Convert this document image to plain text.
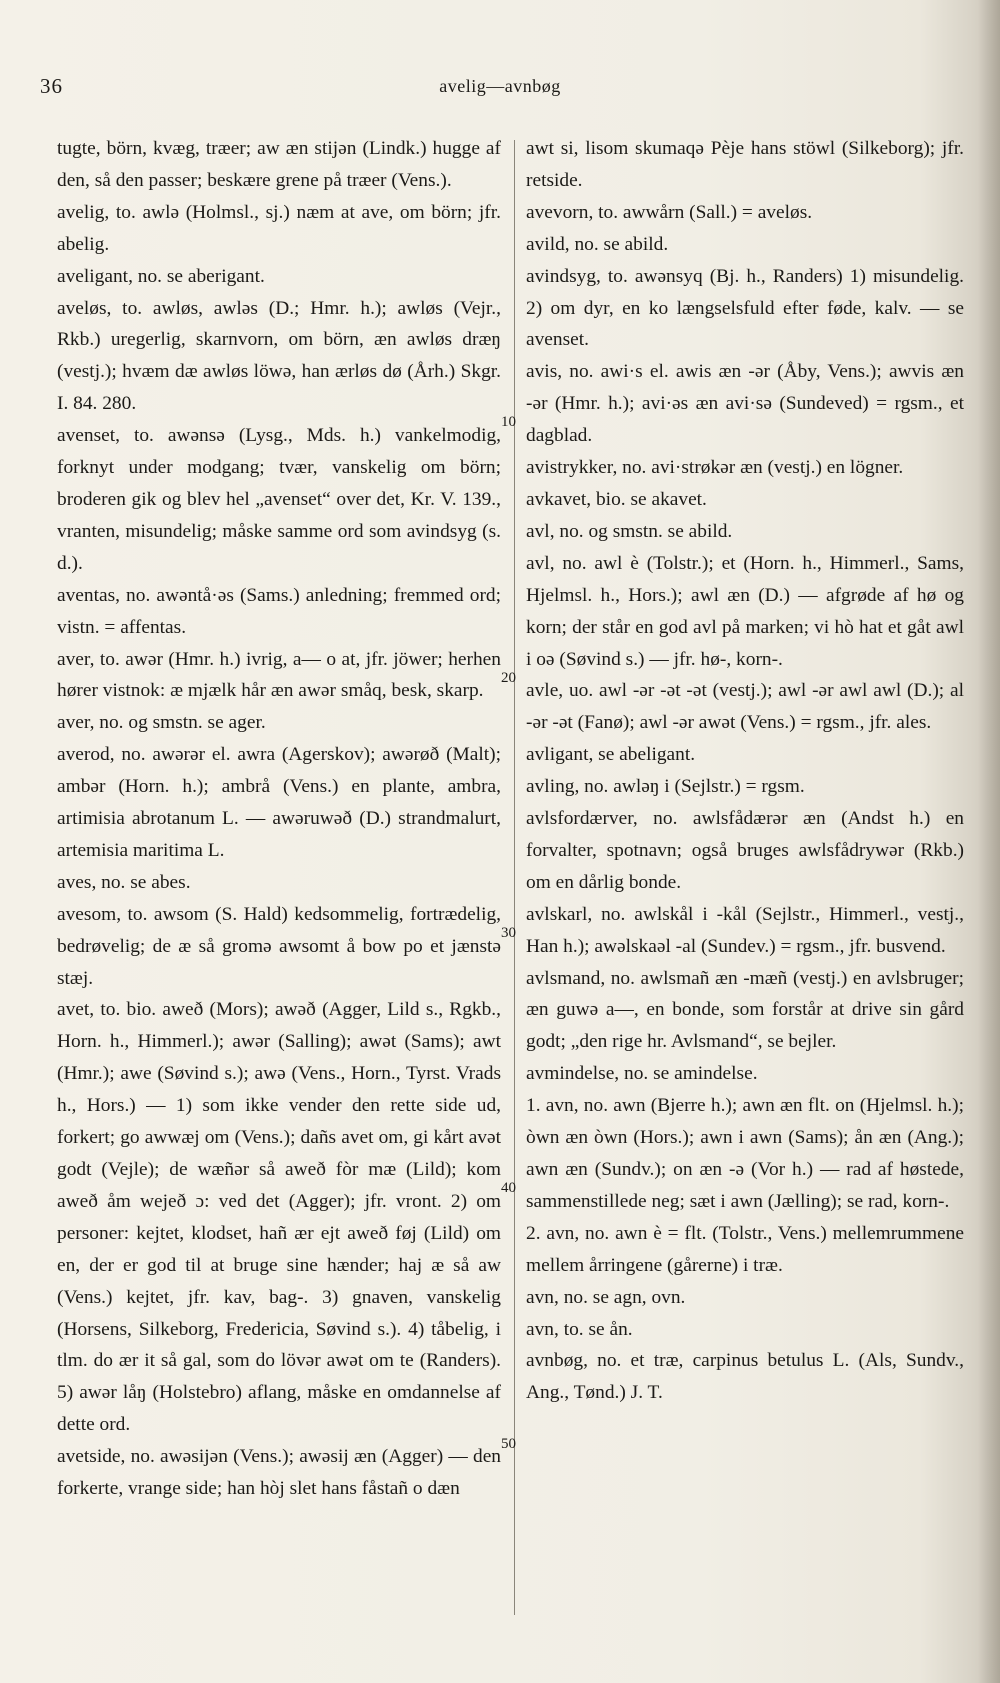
36	avelig—avnbøg

tugte, börn, kvæg, træer; aw æn stijən (Lindk.) hugge af den, så den passer; beskære grene på træer (Vens.).

avelig, to. awlə (Holmsl., sj.) næm at ave, om börn; jfr. abelig.

aveligant, no. se aberigant.

aveløs, to. awløs, awləs (D.; Hmr. h.); awløs (Vejr., Rkb.) uregerlig, skarnvorn, om börn, æn awløs dræŋ (vestj.); hvæm dæ awløs löwə, han ærløs dø (Årh.) Skgr. I. 84. 280.

avenset, to. awənsə (Lysg., Mds. h.) vankelmodig, forknyt under modgang; tvær, vanskelig om börn; broderen gik og blev hel „avenset“ over det, Kr. V. 139., vranten, misundelig; måske samme ord som avindsyg (s. d.).

aventas, no. awəntå·əs (Sams.) anledning; fremmed ord; vistn. = affentas.

aver, to. awər (Hmr. h.) ivrig, a— o at, jfr. jöwer; herhen hører vistnok: æ mjælk hår æn awər småq, besk, skarp.

aver, no. og smstn. se ager.

averod, no. awərər el. awra (Agerskov); awərøð (Malt); ambər (Horn. h.); ambrå (Vens.) en plante, ambra, artimisia abrotanum L. — awəruwəð (D.) strandmalurt, artemisia maritima L.

aves, no. se abes.

avesom, to. awsom (S. Hald) kedsommelig, fortrædelig, bedrøvelig; de æ så gromə awsomt å bow po et jænstə stæj.

avet, to. bio. aweð (Mors); awəð (Agger, Lild s., Rgkb., Horn. h., Himmerl.); awər (Salling); awət (Sams); awt (Hmr.); awe (Søvind s.); awə (Vens., Horn., Tyrst. Vrads h., Hors.) — 1) som ikke vender den rette side ud, forkert; go awwæj om (Vens.); dañs avet om, gi kårt avət godt (Vejle); de wæñər så aweð fòr mæ (Lild); kom aweð åm wejeð ɔ: ved det (Agger); jfr. vront. 2) om personer: kejtet, klodset, hañ ær ejt aweð føj (Lild) om en, der er god til at bruge sine hænder; haj æ så aw (Vens.) kejtet, jfr. kav, bag-. 3) gnaven, vanskelig (Horsens, Silkeborg, Fredericia, Søvind s.). 4) tåbelig, i tlm. do ær it så gal, som do lövər awət om te (Randers). 5) awər låŋ (Holstebro) aflang, måske en omdannelse af dette ord.

avetside, no. awəsijən (Vens.); awəsij æn (Agger) — den forkerte, vrange side; han hòj slet hans fåstañ o dæn

awt si, lisom skumaqə Pèje hans stöwl (Silkeborg); jfr. retside.

avevorn, to. awwårn (Sall.) = aveløs.

avild, no. se abild.

avindsyg, to. awənsyq (Bj. h., Randers) 1) misundelig. 2) om dyr, en ko længselsfuld efter føde, kalv. — se avenset.

avis, no. awi·s el. awis æn -ər (Åby, Vens.); awvis æn -ər (Hmr. h.); avi·əs æn avi·sə (Sundeved) = rgsm., et dagblad.

avistrykker, no. avi·strøkər æn (vestj.) en lögner.

avkavet, bio. se akavet.

avl, no. og smstn. se abild.

avl, no. awl è (Tolstr.); et (Horn. h., Himmerl., Sams, Hjelmsl. h., Hors.); awl æn (D.) — afgrøde af hø og korn; der står en god avl på marken; vi hò hat et gåt awl i oə (Søvind s.) — jfr. hø-, korn-.

avle, uo. awl -ər -ət -ət (vestj.); awl -ər awl awl (D.); al -ər -ət (Fanø); awl -ər awət (Vens.) = rgsm., jfr. ales.

avligant, se abeligant.

avling, no. awləŋ i (Sejlstr.) = rgsm.

avlsfordærver, no. awlsfådærər æn (Andst h.) en forvalter, spotnavn; også bruges awlsfådrywər (Rkb.) om en dårlig bonde.

avlskarl, no. awlskål i -kål (Sejlstr., Himmerl., vestj., Han h.); awəlskaəl -al (Sundev.) = rgsm., jfr. busvend.

avlsmand, no. awlsmañ æn -mæñ (vestj.) en avlsbruger; æn guwə a—, en bonde, som forstår at drive sin gård godt; „den rige hr. Avlsmand“, se bejler.

avmindelse, no. se amindelse.

1. avn, no. awn (Bjerre h.); awn æn flt. on (Hjelmsl. h.); òwn æn òwn (Hors.); awn i awn (Sams); ån æn (Ang.); awn æn (Sundv.); on æn -ə (Vor h.) — rad af høstede, sammenstillede neg; sæt i awn (Jælling); se rad, korn-.

2. avn, no. awn è = flt. (Tolstr., Vens.) mellemrummene mellem årringene (gårerne) i træ.

avn, no. se agn, ovn.

avn, to. se ån.

avnbøg, no. et træ, carpinus betulus L. (Als, Sundv., Ang., Tønd.) J. T.

10
20
30
40
50
